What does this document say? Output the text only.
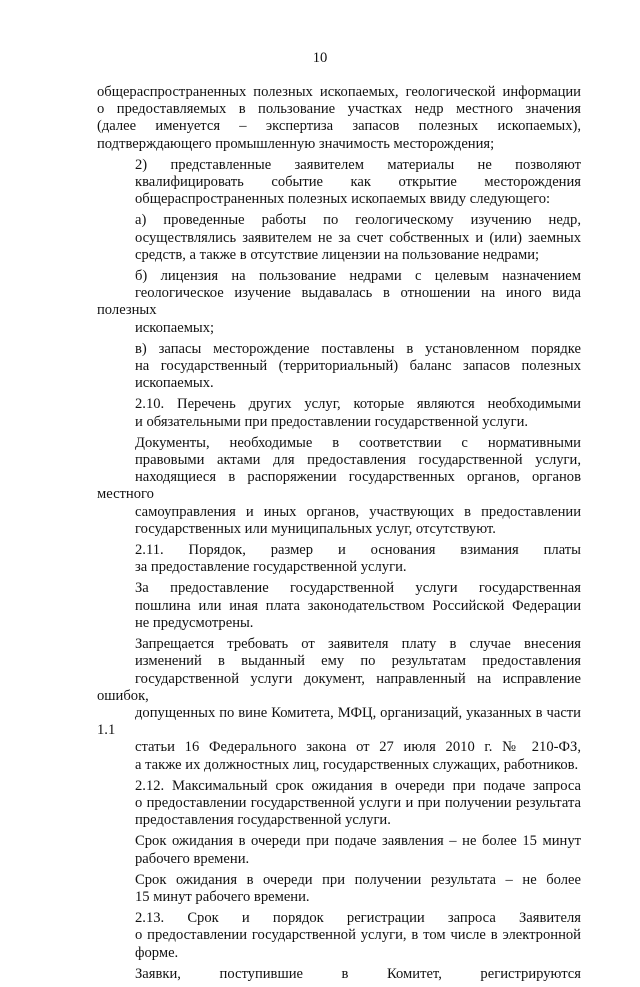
10

общераспространенных полезных ископаемых, геологической информации
о предоставляемых в пользование участках недр местного значения
(далее именуется – экспертиза запасов полезных ископаемых),
подтверждающего промышленную значимость месторождения;

2) представленные заявителем материалы не позволяют
квалифицировать событие как открытие месторождения
общераспространенных полезных ископаемых ввиду следующего:

а) проведенные работы по геологическому изучению недр,
осуществлялись заявителем не за счет собственных и (или) заемных
средств, а также в отсутствие лицензии на пользование недрами;

б) лицензия на пользование недрами с целевым назначением
геологическое изучение выдавалась в отношении на иного вида полезных
ископаемых;

в) запасы месторождение поставлены в установленном порядке
на государственный (территориальный) баланс запасов полезных
ископаемых.

2.10. Перечень других услуг, которые являются необходимыми
и обязательными при предоставлении государственной услуги.

Документы, необходимые в соответствии с нормативными
правовыми актами для предоставления государственной услуги,
находящиеся в распоряжении государственных органов, органов местного
самоуправления и иных органов, участвующих в предоставлении
государственных или муниципальных услуг, отсутствуют.

2.11. Порядок, размер и основания взимания платы
за предоставление государственной услуги.

За предоставление государственной услуги государственная
пошлина или иная плата законодательством Российской Федерации
не предусмотрены.

Запрещается требовать от заявителя плату в случае внесения
изменений в выданный ему по результатам предоставления
государственной услуги документ, направленный на исправление ошибок,
допущенных по вине Комитета, МФЦ, организаций, указанных в части 1.1
статьи 16 Федерального закона от 27 июля 2010 г. № 210-ФЗ,
а также их должностных лиц, государственных служащих, работников.

2.12. Максимальный срок ожидания в очереди при подаче запроса
о предоставлении государственной услуги и при получении результата
предоставления государственной услуги.

Срок ожидания в очереди при подаче заявления – не более 15 минут
рабочего времени.

Срок ожидания в очереди при получении результата – не более
15 минут рабочего времени.

2.13. Срок и порядок регистрации запроса Заявителя
о предоставлении государственной услуги, в том числе в электронной
форме.

Заявки, поступившие в Комитет, регистрируются
